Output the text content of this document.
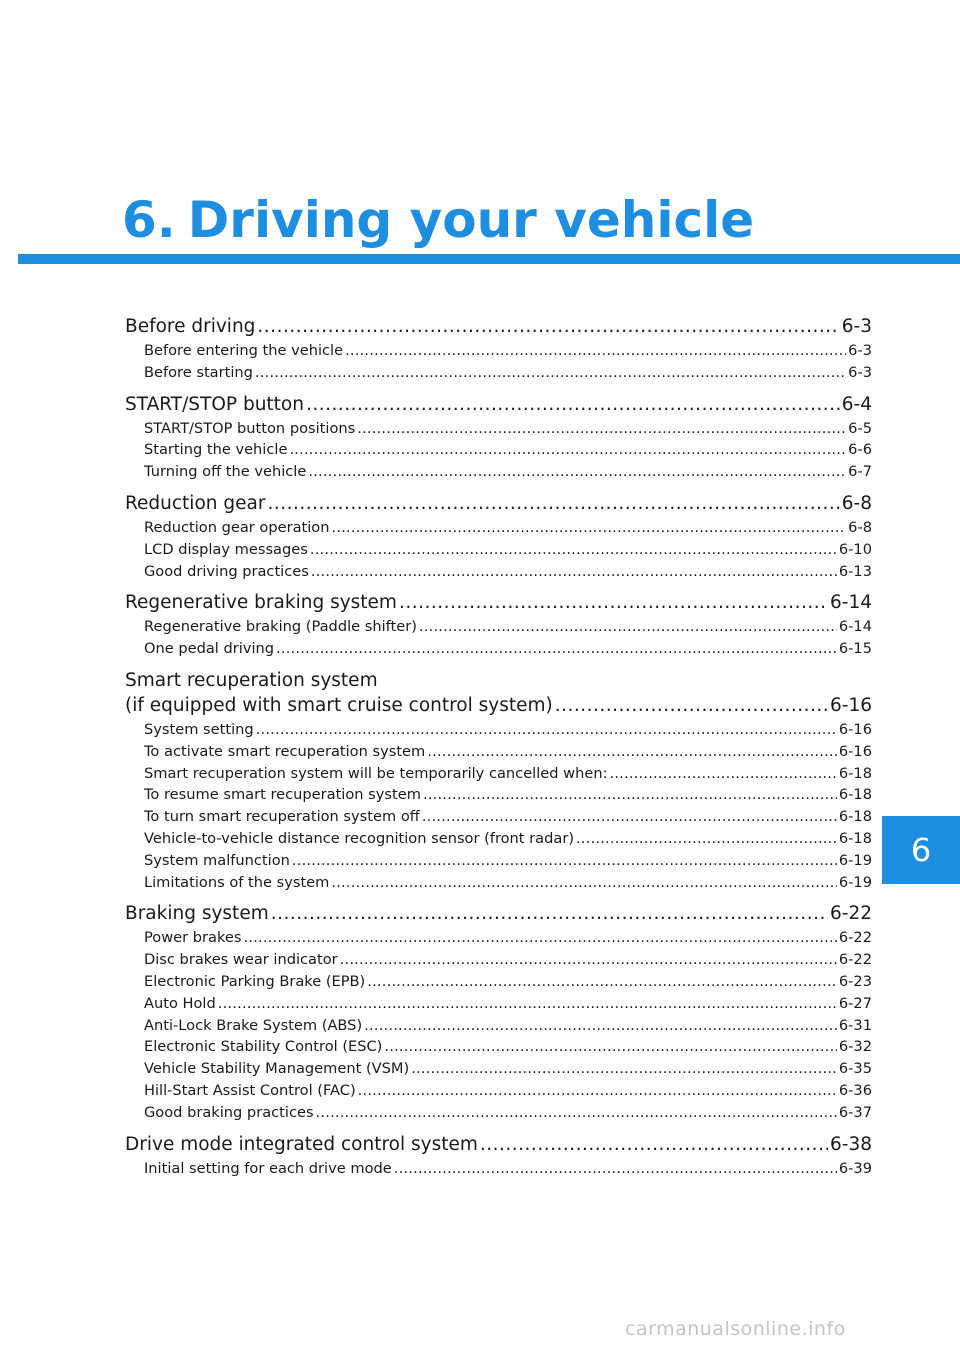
6. Driving your vehicle
6
Before driving .....	6-3
Before entering the vehicle .....	6-3
Before starting .....	6-3
START/STOP button .....	6-4
START/STOP button positions .....	6-5
Starting the vehicle .....	6-6
Turning off the vehicle .....	6-7
Reduction gear .....	6-8
Reduction gear operation .....	6-8
LCD display messages .....	6-10
Good driving practices .....	6-13
Regenerative braking system .....	6-14
Regenerative braking (Paddle shifter) .....	6-14
One pedal driving .....	6-15
Smart recuperation system
(if equipped with smart cruise control system) .....	6-16
System setting .....	6-16
To activate smart recuperation system .....	6-16
Smart recuperation system will be temporarily cancelled when: .....	6-18
To resume smart recuperation system .....	6-18
To turn smart recuperation system off .....	6-18
Vehicle-to-vehicle distance recognition sensor (front radar) .....	6-18
System malfunction .....	6-19
Limitations of the system .....	6-19
Braking system .....	6-22
Power brakes .....	6-22
Disc brakes wear indicator .....	6-22
Electronic Parking Brake (EPB) .....	6-23
Auto Hold .....	6-27
Anti-Lock Brake System (ABS) .....	6-31
Electronic Stability Control (ESC) .....	6-32
Vehicle Stability Management (VSM) .....	6-35
Hill-Start Assist Control (FAC) .....	6-36
Good braking practices .....	6-37
Drive mode integrated control system .....	6-38
Initial setting for each drive mode .....	6-39
carmanualsonline.info
